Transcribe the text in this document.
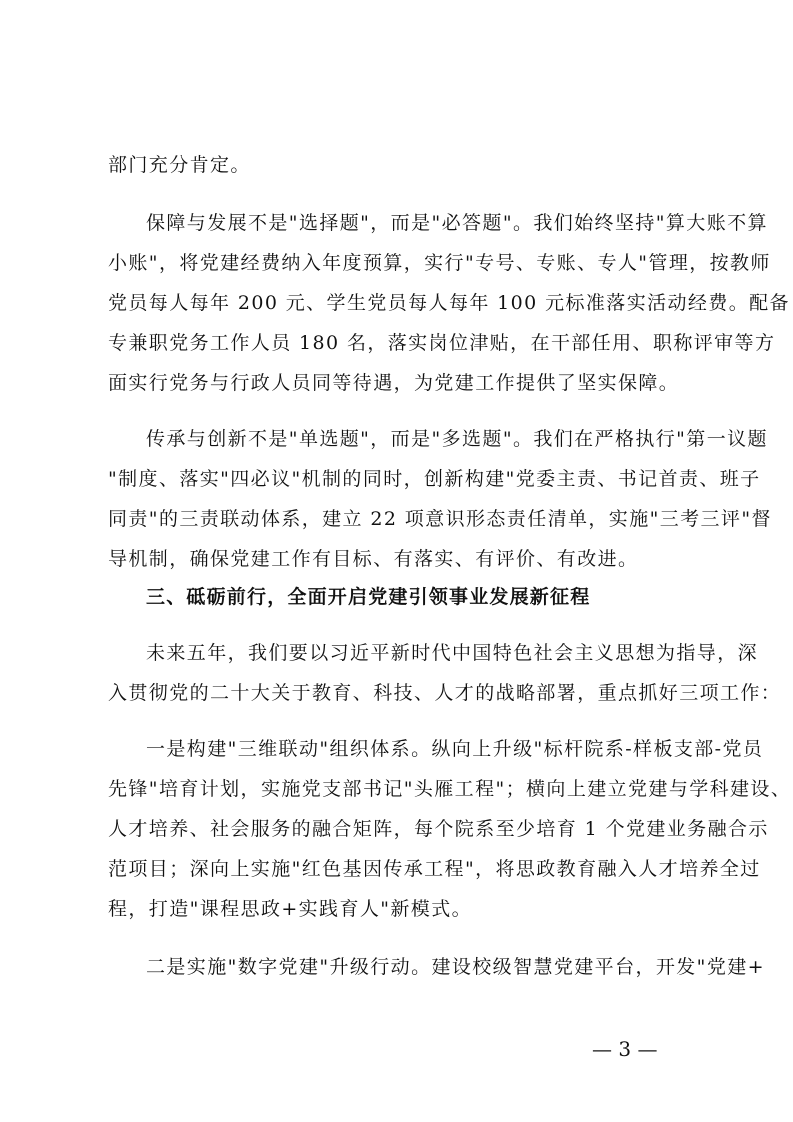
部门充分肯定。
保障与发展不是"选择题"，而是"必答题"。我们始终坚持"算大账不算
小账"，将党建经费纳入年度预算，实行"专号、专账、专人"管理，按教师
党员每人每年 200 元、学生党员每人每年 100 元标准落实活动经费。配备
专兼职党务工作人员 180 名，落实岗位津贴，在干部任用、职称评审等方
面实行党务与行政人员同等待遇，为党建工作提供了坚实保障。
传承与创新不是"单选题"，而是"多选题"。我们在严格执行"第一议题
"制度、落实"四必议"机制的同时，创新构建"党委主责、书记首责、班子
同责"的三责联动体系，建立 22 项意识形态责任清单，实施"三考三评"督
导机制，确保党建工作有目标、有落实、有评价、有改进。
三、砥砺前行，全面开启党建引领事业发展新征程
未来五年，我们要以习近平新时代中国特色社会主义思想为指导，深
入贯彻党的二十大关于教育、科技、人才的战略部署，重点抓好三项工作：
一是构建"三维联动"组织体系。纵向上升级"标杆院系-样板支部-党员
先锋"培育计划，实施党支部书记"头雁工程"；横向上建立党建与学科建设、
人才培养、社会服务的融合矩阵，每个院系至少培育 1 个党建业务融合示
范项目；深向上实施"红色基因传承工程"，将思政教育融入人才培养全过
程，打造"课程思政+实践育人"新模式。
二是实施"数字党建"升级行动。建设校级智慧党建平台，开发"党建+
— 3 —
